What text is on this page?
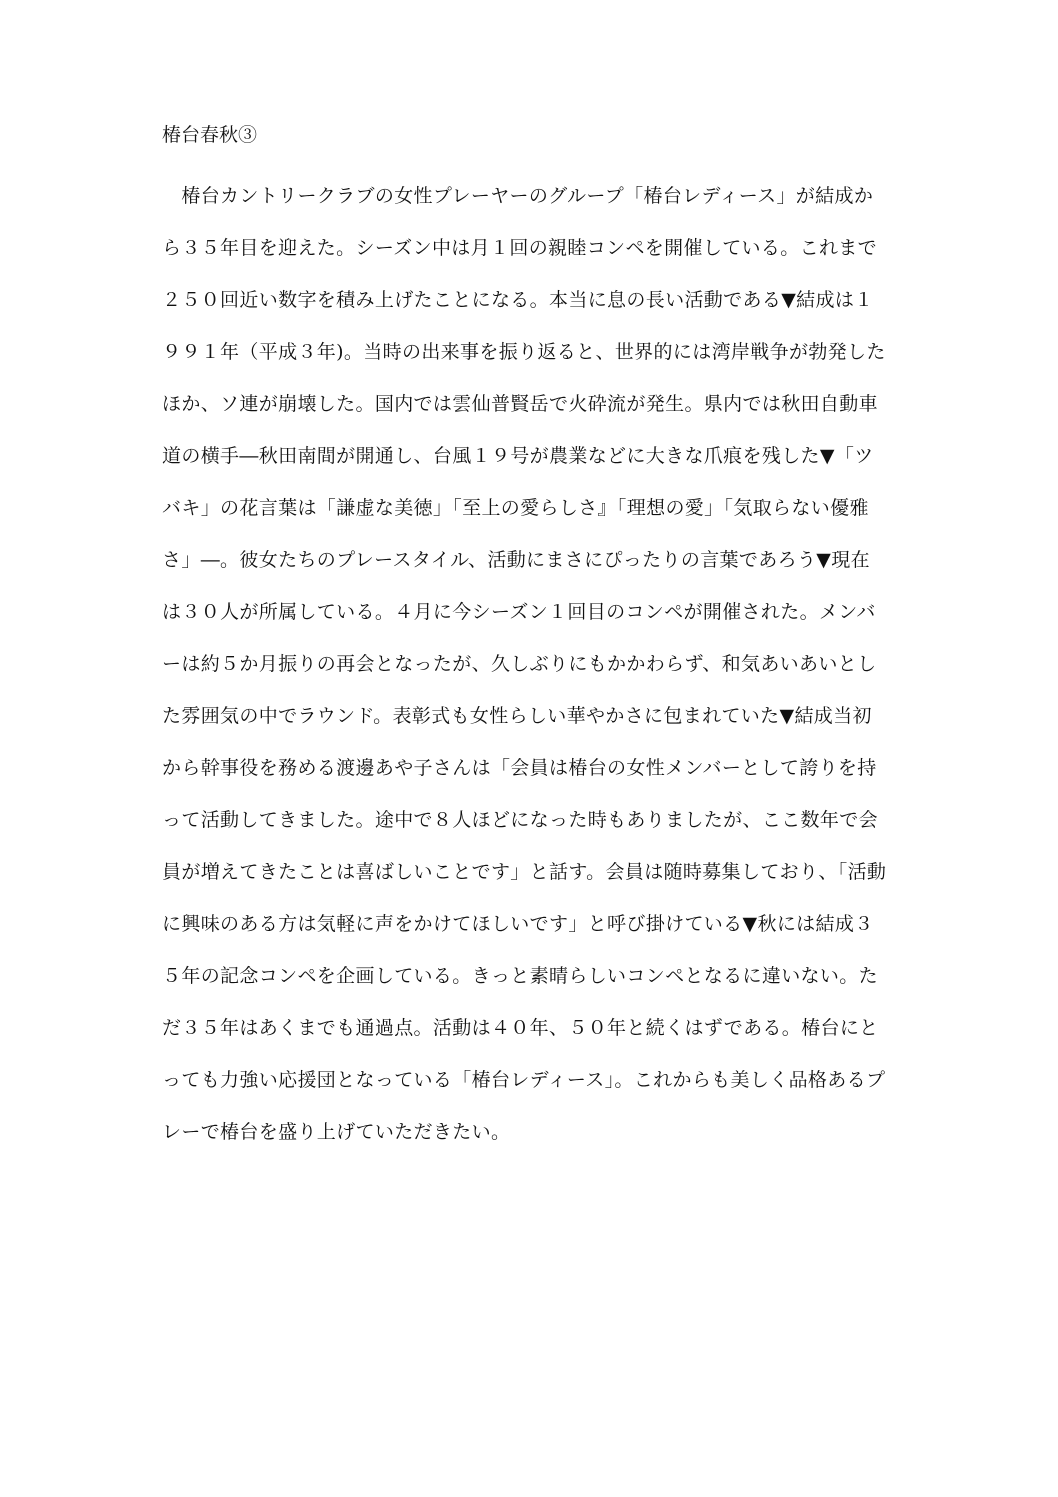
椿台春秋③
　椿台カントリークラブの女性プレーヤーのグループ「椿台レディース」が結成か
ら３５年目を迎えた。シーズン中は月１回の親睦コンペを開催している。これまで
２５０回近い数字を積み上げたことになる。本当に息の長い活動である▼結成は１
９９１年（平成３年)。当時の出来事を振り返ると、世界的には湾岸戦争が勃発した
ほか、ソ連が崩壊した。国内では雲仙普賢岳で火砕流が発生。県内では秋田自動車
道の横手―秋田南間が開通し、台風１９号が農業などに大きな爪痕を残した▼「ツ
バキ」の花言葉は「謙虚な美徳」「至上の愛らしさ』「理想の愛」「気取らない優雅
さ」―。彼女たちのプレースタイル、活動にまさにぴったりの言葉であろう▼現在
は３０人が所属している。４月に今シーズン１回目のコンペが開催された。メンバ
ーは約５か月振りの再会となったが、久しぶりにもかかわらず、和気あいあいとし
た雰囲気の中でラウンド。表彰式も女性らしい華やかさに包まれていた▼結成当初
から幹事役を務める渡邊あや子さんは「会員は椿台の女性メンバーとして誇りを持
って活動してきました。途中で８人ほどになった時もありましたが、ここ数年で会
員が増えてきたことは喜ばしいことです」と話す。会員は随時募集しており、「活動
に興味のある方は気軽に声をかけてほしいです」と呼び掛けている▼秋には結成３
５年の記念コンペを企画している。きっと素晴らしいコンペとなるに違いない。た
だ３５年はあくまでも通過点。活動は４０年、５０年と続くはずである。椿台にと
っても力強い応援団となっている「椿台レディース」。これからも美しく品格あるプ
レーで椿台を盛り上げていただきたい。
